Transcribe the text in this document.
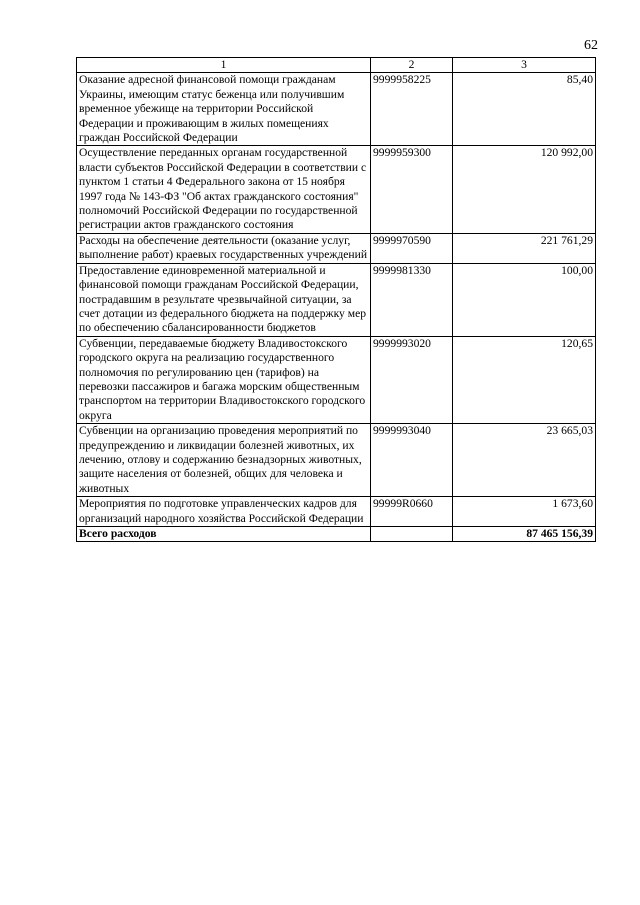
62
1	2	3
Оказание адресной финансовой помощи гражданам Украины, имеющим статус беженца или получившим временное убежище на территории Российской Федерации и проживающим в жилых помещениях граждан Российской Федерации	9999958225	85,40
Осуществление переданных органам государственной власти субъектов Российской Федерации в соответствии с пунктом 1 статьи 4 Федерального закона от 15 ноября 1997 года № 143-ФЗ "Об актах гражданского состояния" полномочий Российской Федерации по государственной регистрации актов гражданского состояния	9999959300	120 992,00
Расходы на обеспечение деятельности (оказание услуг, выполнение работ) краевых государственных учреждений	9999970590	221 761,29
Предоставление единовременной материальной и финансовой помощи гражданам Российской Федерации, пострадавшим в результате чрезвычайной ситуации, за счет дотации из федерального бюджета на поддержку мер по обеспечению сбалансированности бюджетов	9999981330	100,00
Субвенции, передаваемые бюджету Владивостокского городского округа на реализацию государственного полномочия по регулированию цен (тарифов) на перевозки пассажиров и багажа морским общественным транспортом на территории Владивостокского городского округа	9999993020	120,65
Субвенции на организацию проведения мероприятий по предупреждению и ликвидации болезней животных, их лечению, отлову и содержанию безнадзорных животных, защите населения от болезней, общих для человека и животных	9999993040	23 665,03
Мероприятия по подготовке управленческих кадров для организаций народного хозяйства Российской Федерации	99999R0660	1 673,60
Всего расходов		87 465 156,39
